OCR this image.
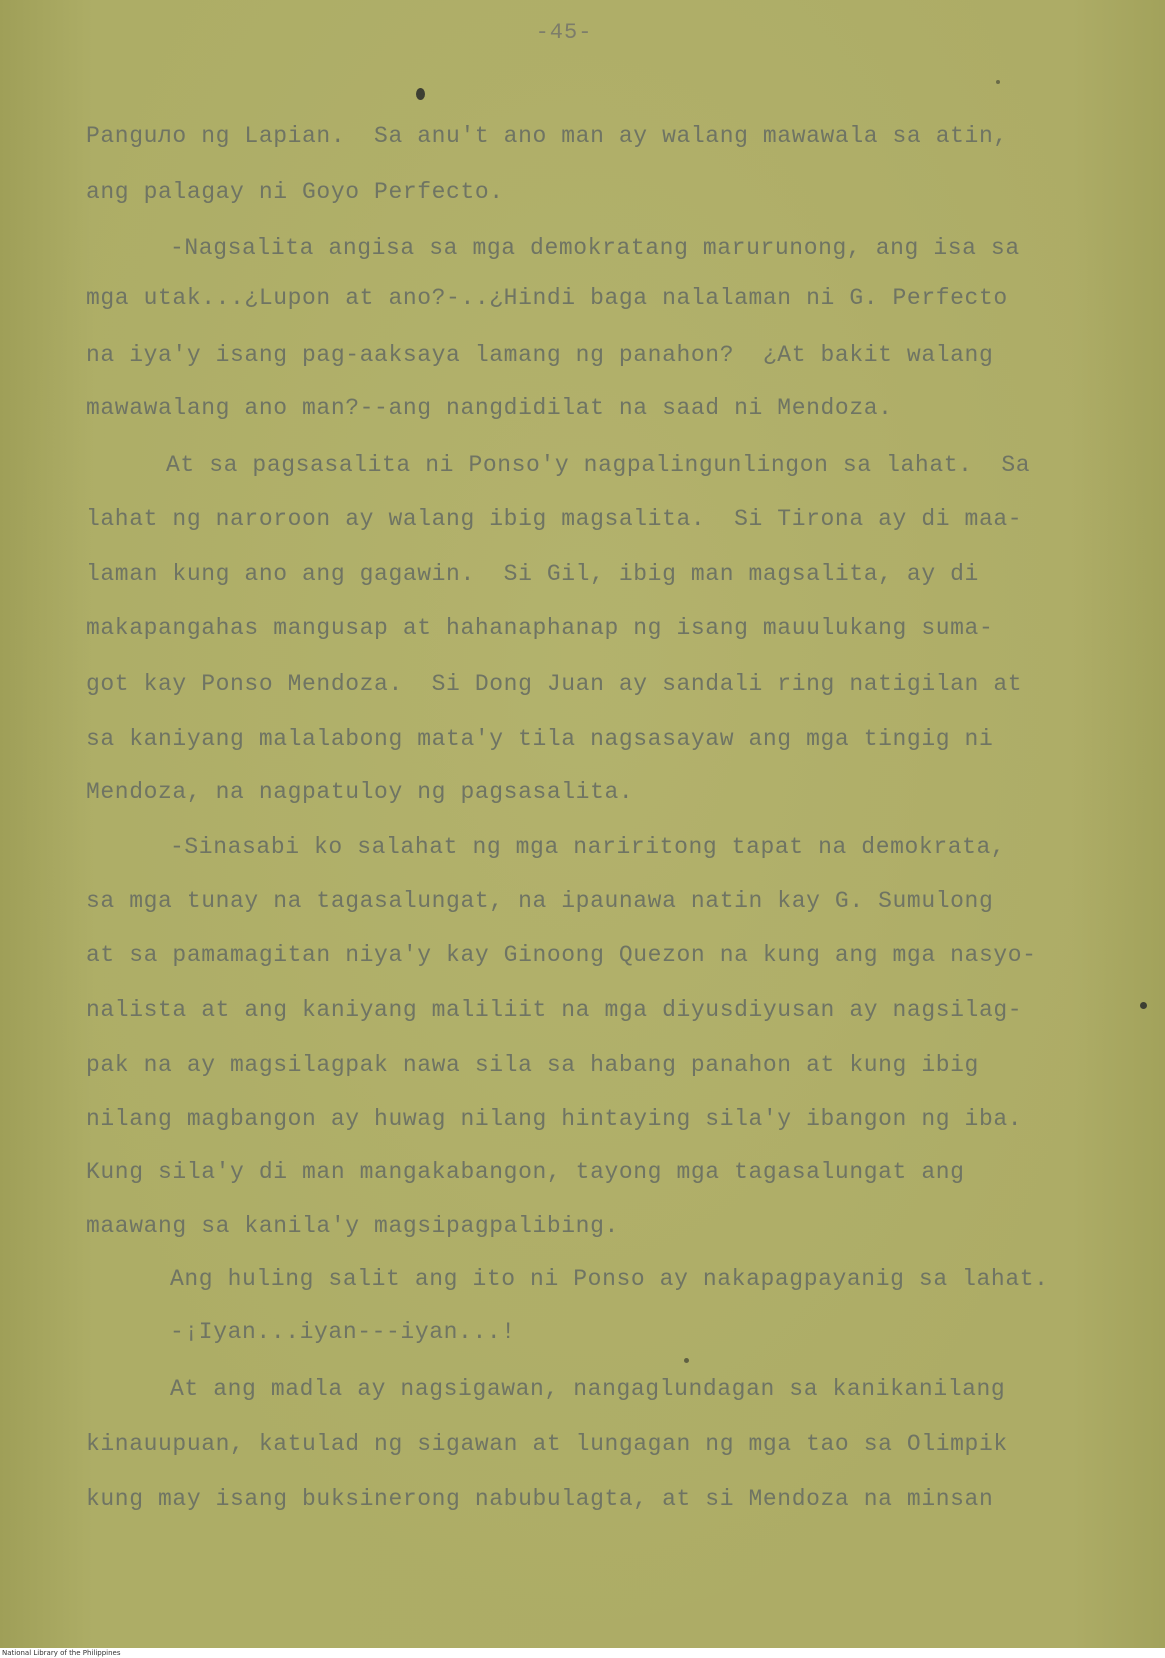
-45-
Panguло ng Lapian.  Sa anu't ano man ay walang mawawala sa atin,
ang palagay ni Goyo Perfecto.
-Nagsalita angisa sa mga demokratang marurunong, ang isa sa
mga utak...¿Lupon at ano?-..¿Hindi baga nalalaman ni G. Perfecto
na iya'y isang pag-aaksaya lamang ng panahon?  ¿At bakit walang
mawawalang ano man?--ang nangdidilat na saad ni Mendoza.
At sa pagsasalita ni Ponso'y nagpalingunlingon sa lahat.  Sa
lahat ng naroroon ay walang ibig magsalita.  Si Tirona ay di maa-
laman kung ano ang gagawin.  Si Gil, ibig man magsalita, ay di
makapangahas mangusap at hahanaphanap ng isang mauulukang suma-
got kay Ponso Mendoza.  Si Dong Juan ay sandali ring natigilan at
sa kaniyang malalabong mata'y tila nagsasayaw ang mga tingig ni
Mendoza, na nagpatuloy ng pagsasalita.
-Sinasabi ko salahat ng mga nariritong tapat na demokrata,
sa mga tunay na tagasalungat, na ipaunawa natin kay G. Sumulong
at sa pamamagitan niya'y kay Ginoong Quezon na kung ang mga nasyo-
nalista at ang kaniyang maliliit na mga diyusdiyusan ay nagsilag-
pak na ay magsilagpak nawa sila sa habang panahon at kung ibig
nilang magbangon ay huwag nilang hintaying sila'y ibangon ng iba.
Kung sila'y di man mangakabangon, tayong mga tagasalungat ang
maawang sa kanila'y magsipagpalibing.
Ang huling salit ang ito ni Ponso ay nakapagpayanig sa lahat.
-¡Iyan...iyan---iyan...!
At ang madla ay nagsigawan, nangaglundagan sa kanikanilang
kinauupuan, katulad ng sigawan at lungagan ng mga tao sa Olimpik
kung may isang buksinerong nabubulagta, at si Mendoza na minsan
National Library of the Philippines
